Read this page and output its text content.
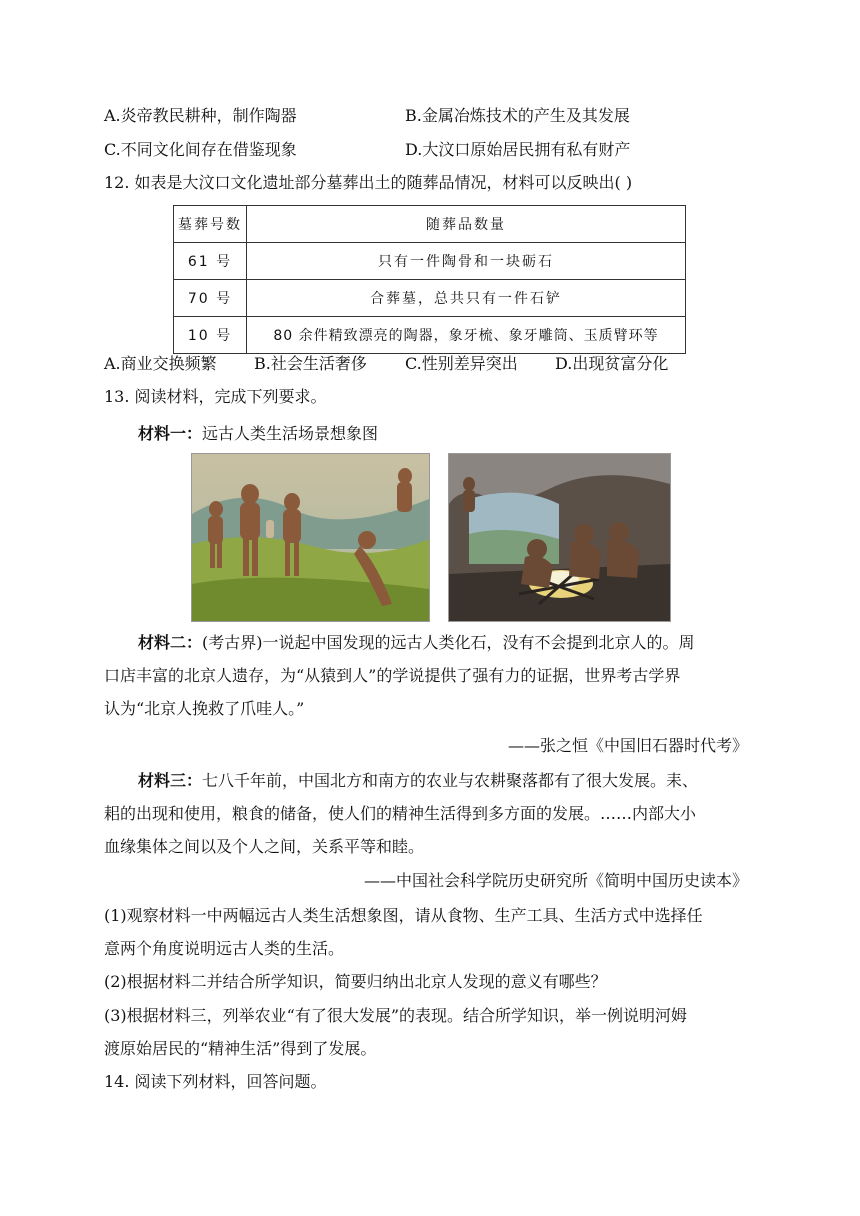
A.炎帝教民耕种，制作陶器	B.金属冶炼技术的产生及其发展
C.不同文化间存在借鉴现象	D.大汶口原始居民拥有私有财产
12. 如表是大汶口文化遗址部分墓葬出土的随葬品情况，材料可以反映出( )
墓葬号数	随葬品数量
61 号	只有一件陶骨和一块砺石
70 号	合葬墓，总共只有一件石铲
10 号	80 余件精致漂亮的陶器，象牙梳、象牙雕筒、玉质臂环等
A.商业交换频繁 B.社会生活奢侈 C.性别差异突出 D.出现贫富分化
13. 阅读材料，完成下列要求。
材料一：远古人类生活场景想象图
材料二：(考古界)一说起中国发现的远古人类化石，没有不会提到北京人的。周
口店丰富的北京人遗存，为“从猿到人”的学说提供了强有力的证据，世界考古学界
认为“北京人挽救了爪哇人。”
——张之恒《中国旧石器时代考》
材料三：七八千年前，中国北方和南方的农业与农耕聚落都有了很大发展。耒、
耜的出现和使用，粮食的储备，使人们的精神生活得到多方面的发展。……内部大小
血缘集体之间以及个人之间，关系平等和睦。
——中国社会科学院历史研究所《简明中国历史读本》
(1)观察材料一中两幅远古人类生活想象图，请从食物、生产工具、生活方式中选择任
意两个角度说明远古人类的生活。
(2)根据材料二并结合所学知识，简要归纳出北京人发现的意义有哪些？
(3)根据材料三，列举农业“有了很大发展”的表现。结合所学知识，举一例说明河姆
渡原始居民的“精神生活”得到了发展。
14. 阅读下列材料，回答问题。
